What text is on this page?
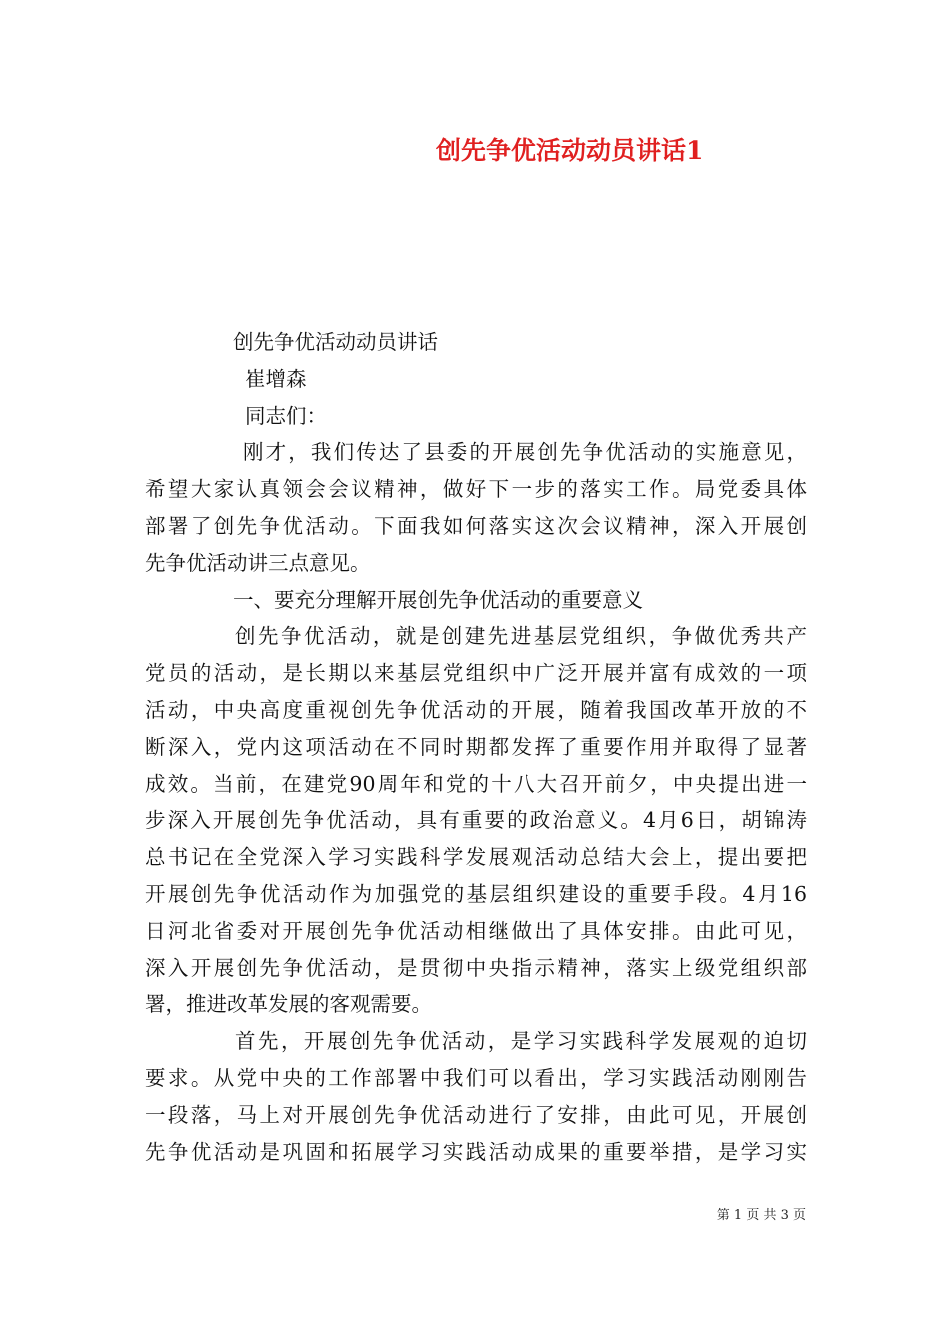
创先争优活动动员讲话1
创先争优活动动员讲话
崔增森
同志们：
刚才，我们传达了县委的开展创先争优活动的实施意见，
希望大家认真领会会议精神，做好下一步的落实工作。局党委具体
部署了创先争优活动。下面我如何落实这次会议精神，深入开展创
先争优活动讲三点意见。
一、要充分理解开展创先争优活动的重要意义
创先争优活动，就是创建先进基层党组织，争做优秀共产
党员的活动，是长期以来基层党组织中广泛开展并富有成效的一项
活动，中央高度重视创先争优活动的开展，随着我国改革开放的不
断深入，党内这项活动在不同时期都发挥了重要作用并取得了显著
成效。当前，在建党90周年和党的十八大召开前夕，中央提出进一
步深入开展创先争优活动，具有重要的政治意义。4月6日，胡锦涛
总书记在全党深入学习实践科学发展观活动总结大会上，提出要把
开展创先争优活动作为加强党的基层组织建设的重要手段。4月16
日河北省委对开展创先争优活动相继做出了具体安排。由此可见，
深入开展创先争优活动，是贯彻中央指示精神，落实上级党组织部
署，推进改革发展的客观需要。
首先，开展创先争优活动，是学习实践科学发展观的迫切
要求。从党中央的工作部署中我们可以看出，学习实践活动刚刚告
一段落，马上对开展创先争优活动进行了安排，由此可见，开展创
先争优活动是巩固和拓展学习实践活动成果的重要举措，是学习实
第 1 页 共 3 页
